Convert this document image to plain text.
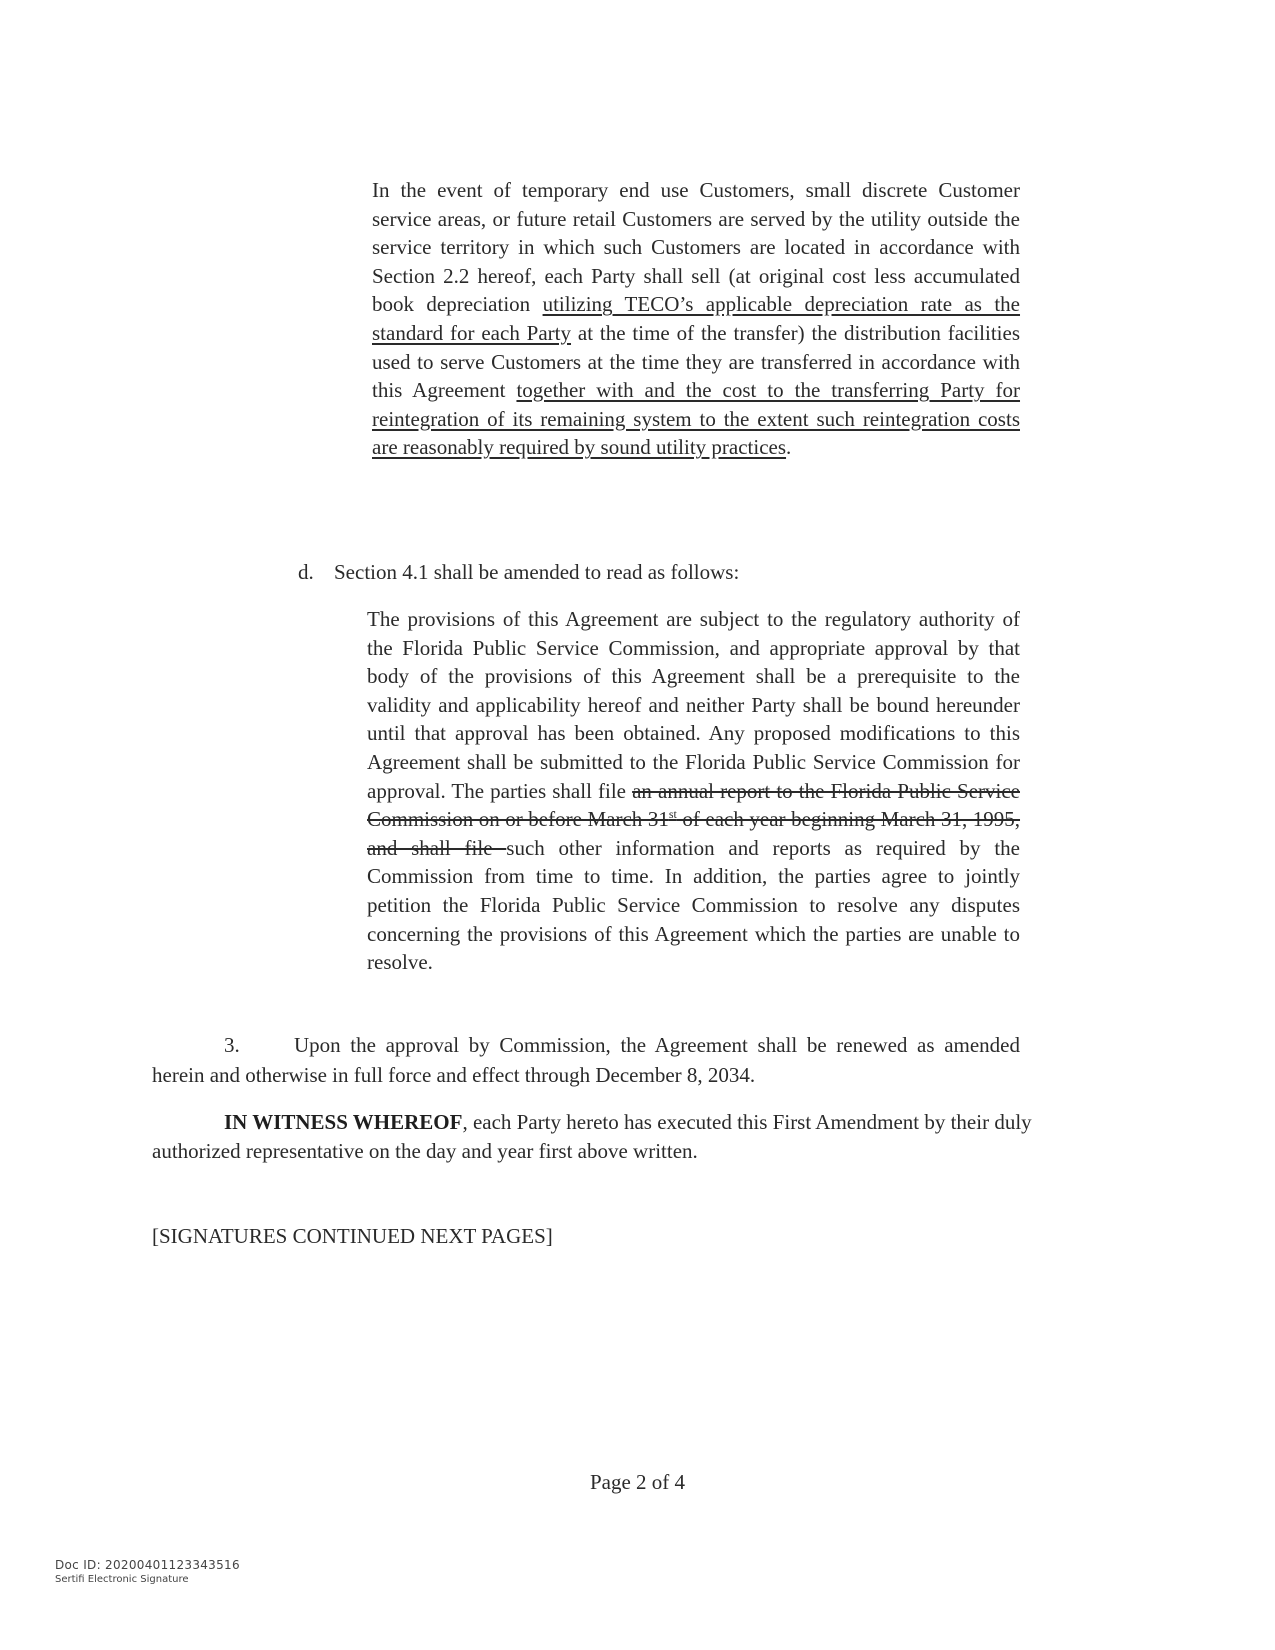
In the event of temporary end use Customers, small discrete Customer service areas, or future retail Customers are served by the utility outside the service territory in which such Customers are located in accordance with Section 2.2 hereof, each Party shall sell (at original cost less accumulated book depreciation utilizing TECO’s applicable depreciation rate as the standard for each Party at the time of the transfer) the distribution facilities used to serve Customers at the time they are transferred in accordance with this Agreement together with and the cost to the transferring Party for reintegration of its remaining system to the extent such reintegration costs are reasonably required by sound utility practices.

d. Section 4.1 shall be amended to read as follows:

The provisions of this Agreement are subject to the regulatory authority of the Florida Public Service Commission, and appropriate approval by that body of the provisions of this Agreement shall be a prerequisite to the validity and applicability hereof and neither Party shall be bound hereunder until that approval has been obtained. Any proposed modifications to this Agreement shall be submitted to the Florida Public Service Commission for approval. The parties shall file an annual report to the Florida Public Service Commission on or before March 31st of each year beginning March 31, 1995, and shall file such other information and reports as required by the Commission from time to time. In addition, the parties agree to jointly petition the Florida Public Service Commission to resolve any disputes concerning the provisions of this Agreement which the parties are unable to resolve.

3.	Upon the approval by Commission, the Agreement shall be renewed as amended herein and otherwise in full force and effect through December 8, 2034.
IN WITNESS WHEREOF, each Party hereto has executed this First Amendment by their duly authorized representative on the day and year first above written.
[SIGNATURES CONTINUED NEXT PAGES]
Page 2 of 4
Doc ID: 20200401123343516
Sertifi Electronic Signature
